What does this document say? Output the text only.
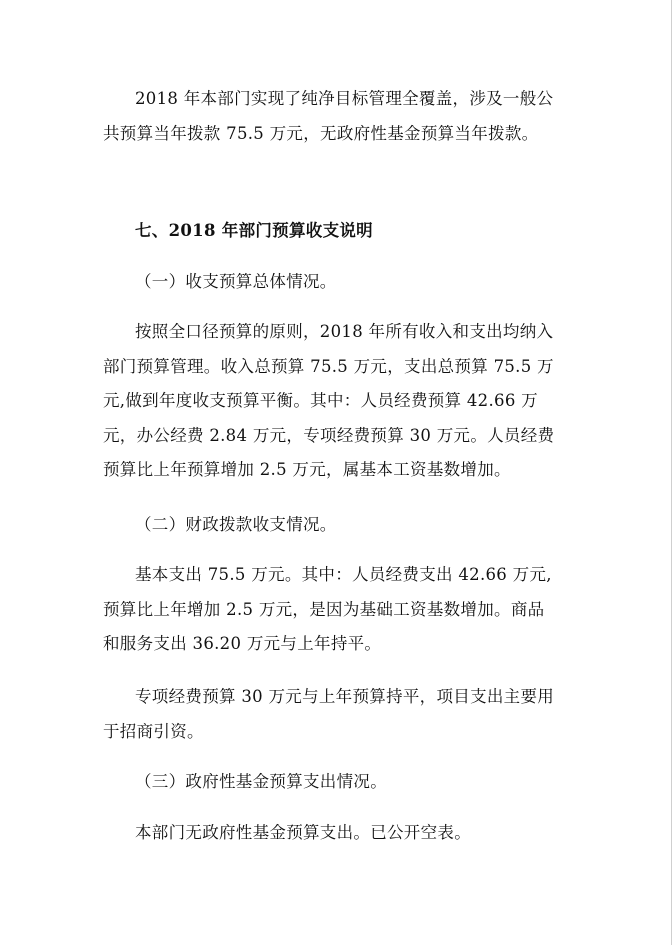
2018 年本部门实现了纯净目标管理全覆盖，涉及一般公
共预算当年拨款 75.5 万元，无政府性基金预算当年拨款。
七、2018 年部门预算收支说明
（一）收支预算总体情况。
按照全口径预算的原则，2018 年所有收入和支出均纳入
部门预算管理。收入总预算 75.5 万元，支出总预算 75.5 万
元,做到年度收支预算平衡。其中：人员经费预算 42.66 万
元，办公经费 2.84 万元，专项经费预算 30 万元。人员经费
预算比上年预算增加 2.5 万元，属基本工资基数增加。
（二）财政拨款收支情况。
基本支出 75.5 万元。其中：人员经费支出 42.66 万元,
预算比上年增加 2.5 万元，是因为基础工资基数增加。商品
和服务支出 36.20 万元与上年持平。
专项经费预算 30 万元与上年预算持平，项目支出主要用
于招商引资。
（三）政府性基金预算支出情况。
本部门无政府性基金预算支出。已公开空表。
